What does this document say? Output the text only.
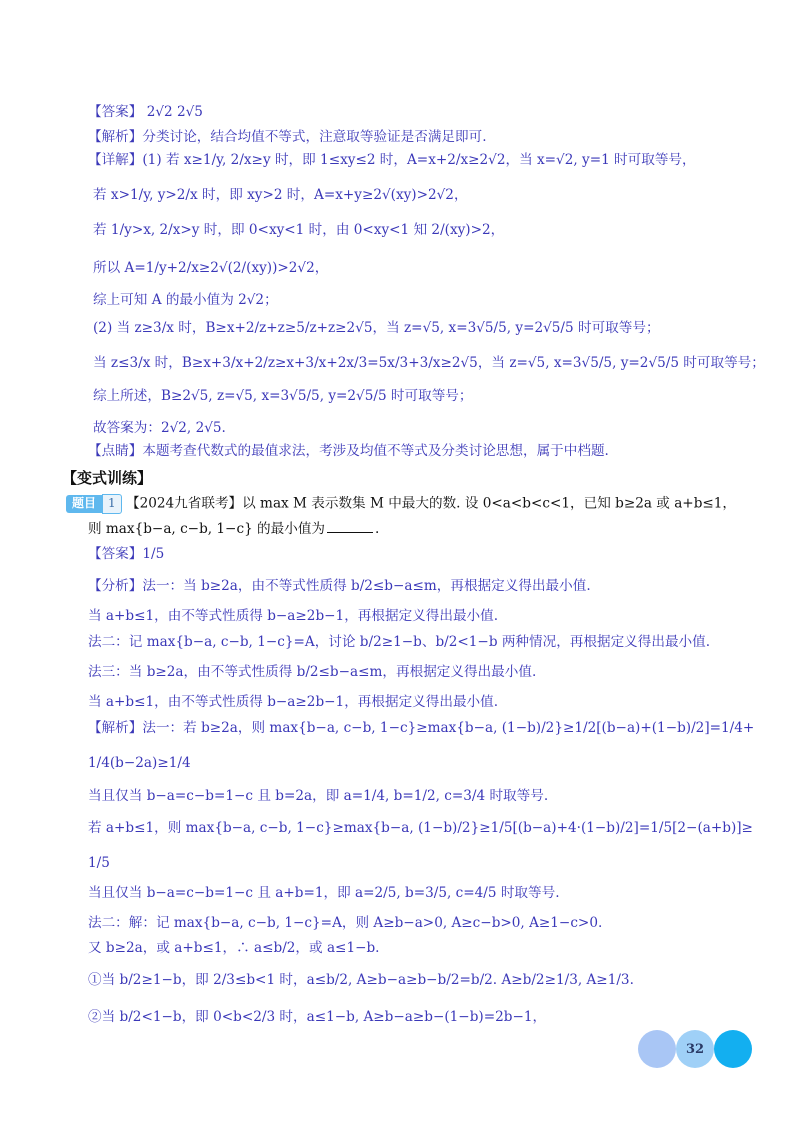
【答案】 2√2 2√5
【解析】分类讨论，结合均值不等式，注意取等验证是否满足即可.
【详解】(1) 若 x≥1/y, 2/x≥y 时，即 1≤xy≤2 时，A=x+2/x≥2√2，当 x=√2, y=1 时可取等号，
若 x>1/y, y>2/x 时，即 xy>2 时，A=x+y≥2√(xy)>2√2，
若 1/y>x, 2/x>y 时，即 0<xy<1 时，由 0<xy<1 知 2/(xy)>2，
所以 A=1/y+2/x≥2√(2/(xy))>2√2，
综上可知 A 的最小值为 2√2；
(2) 当 z≥3/x 时，B≥x+2/z+z≥5/z+z≥2√5，当 z=√5, x=3√5/5, y=2√5/5 时可取等号；
当 z≤3/x 时，B≥x+3/x+2/z≥x+3/x+2x/3=5x/3+3/x≥2√5，当 z=√5, x=3√5/5, y=2√5/5 时可取等号；
综上所述，B≥2√5, z=√5, x=3√5/5, y=2√5/5 时可取等号；
故答案为：2√2, 2√5.
【点睛】本题考查代数式的最值求法，考涉及均值不等式及分类讨论思想，属于中档题.
【变式训练】
则 max{b−a, c−b, 1−c} 的最小值为	.
【答案】1/5
【分析】法一：当 b≥2a，由不等式性质得 b/2≤b−a≤m，再根据定义得出最小值.
当 a+b≤1，由不等式性质得 b−a≥2b−1，再根据定义得出最小值.
法二：记 max{b−a, c−b, 1−c}=A，讨论 b/2≥1−b、b/2<1−b 两种情况，再根据定义得出最小值.
法三：当 b≥2a，由不等式性质得 b/2≤b−a≤m，再根据定义得出最小值.
当 a+b≤1，由不等式性质得 b−a≥2b−1，再根据定义得出最小值.
【解析】法一：若 b≥2a，则 max{b−a, c−b, 1−c}≥max{b−a, (1−b)/2}≥1/2[(b−a)+(1−b)/2]=1/4+
1/4(b−2a)≥1/4
当且仅当 b−a=c−b=1−c 且 b=2a，即 a=1/4, b=1/2, c=3/4 时取等号.
若 a+b≤1，则 max{b−a, c−b, 1−c}≥max{b−a, (1−b)/2}≥1/5[(b−a)+4·(1−b)/2]=1/5[2−(a+b)]≥
1/5
当且仅当 b−a=c−b=1−c 且 a+b=1，即 a=2/5, b=3/5, c=4/5 时取等号.
法二：解：记 max{b−a, c−b, 1−c}=A，则 A≥b−a>0, A≥c−b>0, A≥1−c>0.
又 b≥2a，或 a+b≤1，∴ a≤b/2，或 a≤1−b.
①当 b/2≥1−b，即 2/3≤b<1 时，a≤b/2, A≥b−a≥b−b/2=b/2. A≥b/2≥1/3, A≥1/3.
②当 b/2<1−b，即 0<b<2/3 时，a≤1−b, A≥b−a≥b−(1−b)=2b−1，
题目 1 【2024九省联考】以 max M 表示数集 M 中最大的数. 设 0<a<b<c<1，已知 b≥2a 或 a+b≤1，
32
